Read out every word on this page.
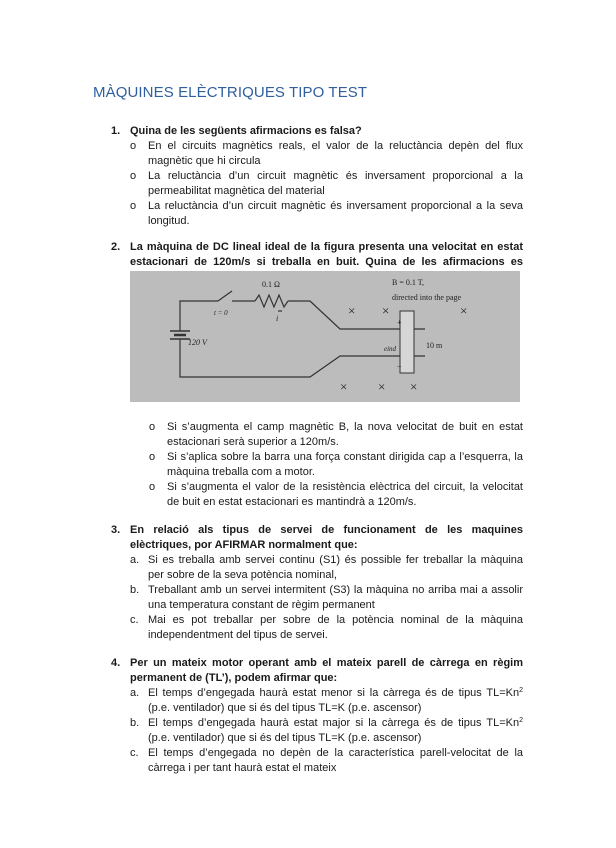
MÀQUINES ELÈCTRIQUES TIPO TEST
1. Quina de les següents afirmacions es falsa?
o	En el circuits magnètics reals, el valor de la reluctància depèn del flux magnètic que hi circula
o	La reluctància d’un circuit magnètic és inversament proporcional a la permeabilitat magnètica del material
o	La reluctància d’un circuit magnètic és inversament proporcional a la seva longitud.
2. La màquina de DC lineal ideal de la figura presenta una velocitat en estat estacionari de 120m/s si treballa en buit. Quina de les afirmacions es
× ×	×
× × ×
0.1 Ω
t = 0
i
120 V
B = 0.1 T,
directed into the page
+
eind
−
10 m
o	Si s’augmenta el camp magnètic B, la nova velocitat de buit en estat estacionari serà superior a 120m/s.
o	Si s’aplica sobre la barra una força constant dirigida cap a l’esquerra, la màquina treballa com a motor.
o	Si s’augmenta el valor de la resistència elèctrica del circuit, la velocitat de buit en estat estacionari es mantindrà a 120m/s.
3. En relació als tipus de servei de funcionament de les maquines elèctriques, por AFIRMAR normalment que:
a. Si es treballa amb servei continu (S1) és possible fer treballar la màquina per sobre de la seva potència nominal,
b. Treballant amb un servei intermitent (S3) la màquina no arriba mai a assolir una temperatura constant de règim permanent
c. Mai es pot treballar per sobre de la potència nominal de la màquina independentment del tipus de servei.
4. Per un mateix motor operant amb el mateix parell de càrrega en règim permanent de (TL’), podem afirmar que:
a. El temps d’engegada haurà estat menor si la càrrega és de tipus $TL=Kn^2$ (p.e. ventilador) que si és del tipus TL=K (p.e. ascensor)
b. El temps d’engegada haurà estat major si la càrrega és de tipus $TL=Kn^2$ (p.e. ventilador) que si és del tipus TL=K (p.e. ascensor)
c. El temps d’engegada no depèn de la característica parell-velocitat de la càrrega i per tant haurà estat el mateix
